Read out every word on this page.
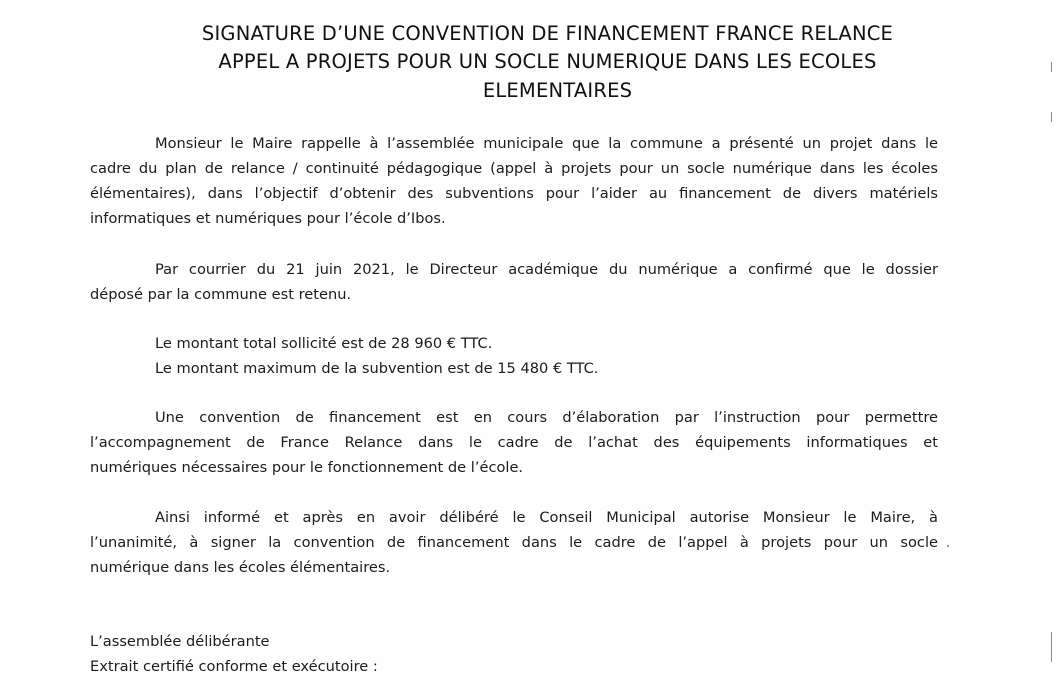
SIGNATURE D’UNE CONVENTION DE FINANCEMENT FRANCE RELANCE
APPEL A PROJETS POUR UN SOCLE NUMERIQUE DANS LES ECOLES
ELEMENTAIRES
Monsieur le Maire rappelle à l’assemblée municipale que la commune a présenté un projet dans le
cadre du plan de relance / continuité pédagogique (appel à projets pour un socle numérique dans les écoles
élémentaires), dans l’objectif d’obtenir des subventions pour l’aider au financement de divers matériels
informatiques et numériques pour l’école d’Ibos.
Par courrier du 21 juin 2021, le Directeur académique du numérique a confirmé que le dossier
déposé par la commune est retenu.
Le montant total sollicité est de 28 960 € TTC.
Le montant maximum de la subvention est de 15 480 € TTC.
Une convention de financement est en cours d’élaboration par l’instruction pour permettre
l’accompagnement de France Relance dans le cadre de l’achat des équipements informatiques et
numériques nécessaires pour le fonctionnement de l’école.
Ainsi informé et après en avoir délibéré le Conseil Municipal autorise Monsieur le Maire, à
l’unanimité, à signer la convention de financement dans le cadre de l’appel à projets pour un socle
numérique dans les écoles élémentaires.
L’assemblée délibérante
Extrait certifié conforme et exécutoire :
